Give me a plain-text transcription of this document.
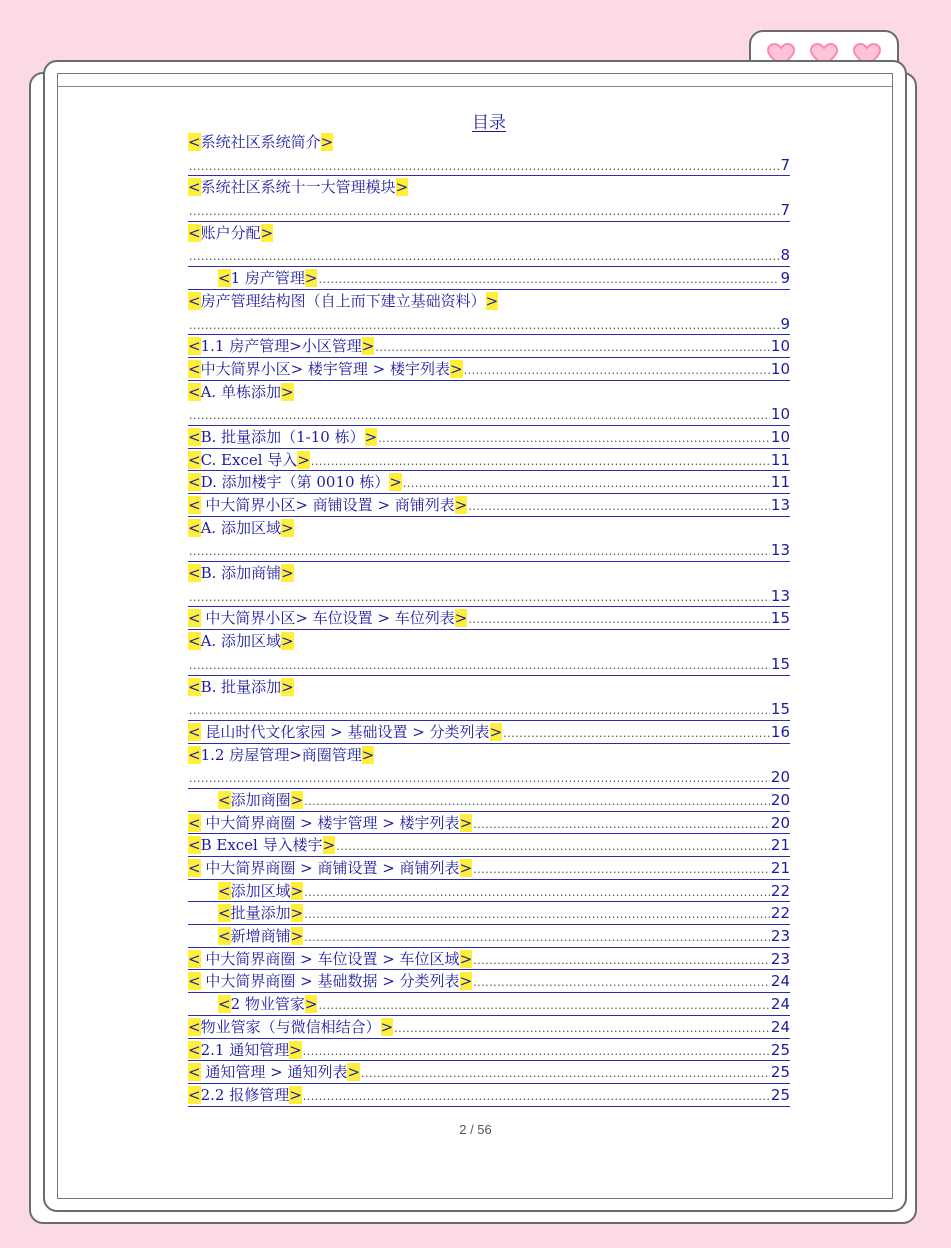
目录
<系统社区系统简介>
.....
7
<系统社区系统十一大管理模块>
.....
7
<账户分配>
.....
8
<1 房产管理> .....	9
<房产管理结构图（自上而下建立基础资料）>
.....
9
<1.1 房产管理>小区管理> .....	10
<中大简界小区> 楼宇管理 > 楼宇列表> .....	10
<A. 单栋添加>
.....
10
<B. 批量添加（1-10 栋）> .....	10
<C. Excel 导入> .....	11
<D. 添加楼宇（第 0010 栋）> .....	11
< 中大简界小区> 商铺设置 > 商铺列表> .....	13
<A. 添加区域>
.....
13
<B. 添加商铺>
.....
13
< 中大简界小区> 车位设置 > 车位列表> .....	15
<A. 添加区域>
.....
15
<B. 批量添加>
.....
15
< 昆山时代文化家园 > 基础设置 > 分类列表> .....	16
<1.2 房屋管理>商圈管理>
.....
20
<添加商圈> .....	20
< 中大简界商圈 > 楼宇管理 > 楼宇列表> .....	20
<B Excel 导入楼宇> .....	21
< 中大简界商圈 > 商铺设置 > 商铺列表> .....	21
<添加区域> .....	22
<批量添加> .....	22
<新增商铺> .....	23
< 中大简界商圈 > 车位设置 > 车位区域> .....	23
< 中大简界商圈 > 基础数据 > 分类列表> .....	24
<2 物业管家> .....	24
<物业管家（与微信相结合）> .....	24
<2.1 通知管理> .....	25
< 通知管理 > 通知列表> .....	25
<2.2 报修管理> .....	25
2 / 56
